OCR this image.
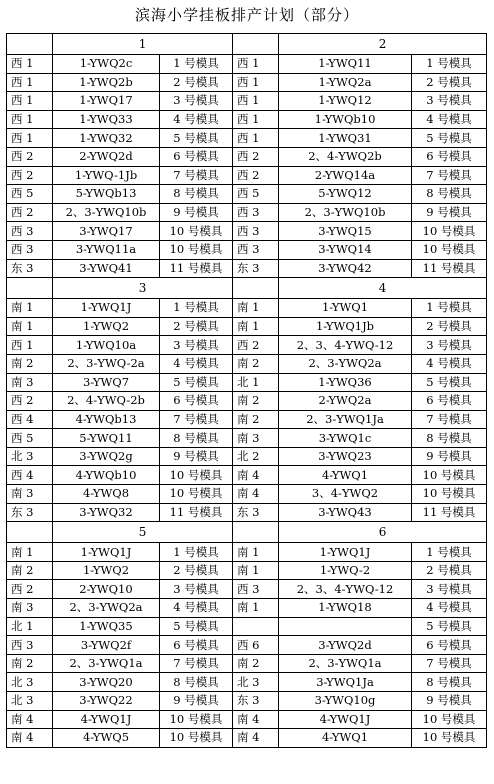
滨海小学挂板排产计划（部分）
	1			2	
西 1	1-YWQ2c	1 号模具	西 1	1-YWQ11	1 号模具
西 1	1-YWQ2b	2 号模具	西 1	1-YWQ2a	2 号模具
西 1	1-YWQ17	3 号模具	西 1	1-YWQ12	3 号模具
西 1	1-YWQ33	4 号模具	西 1	1-YWQb10	4 号模具
西 1	1-YWQ32	5 号模具	西 1	1-YWQ31	5 号模具
西 2	2-YWQ2d	6 号模具	西 2	2、4-YWQ2b	6 号模具
西 2	1-YWQ-1Jb	7 号模具	西 2	2-YWQ14a	7 号模具
西 5	5-YWQb13	8 号模具	西 5	5-YWQ12	8 号模具
西 2	2、3-YWQ10b	9 号模具	西 3	2、3-YWQ10b	9 号模具
西 3	3-YWQ17	10 号模具	西 3	3-YWQ15	10 号模具
西 3	3-YWQ11a	10 号模具	西 3	3-YWQ14	10 号模具
东 3	3-YWQ41	11 号模具	东 3	3-YWQ42	11 号模具
	3			4	
南 1	1-YWQ1J	1 号模具	南 1	1-YWQ1	1 号模具
南 1	1-YWQ2	2 号模具	南 1	1-YWQ1Jb	2 号模具
西 1	1-YWQ10a	3 号模具	西 2	2、3、4-YWQ-12	3 号模具
南 2	2、3-YWQ-2a	4 号模具	南 2	2、3-YWQ2a	4 号模具
南 3	3-YWQ7	5 号模具	北 1	1-YWQ36	5 号模具
西 2	2、4-YWQ-2b	6 号模具	南 2	2-YWQ2a	6 号模具
西 4	4-YWQb13	7 号模具	南 2	2、3-YWQ1Ja	7 号模具
西 5	5-YWQ11	8 号模具	南 3	3-YWQ1c	8 号模具
北 3	3-YWQ2g	9 号模具	北 2	3-YWQ23	9 号模具
西 4	4-YWQb10	10 号模具	南 4	4-YWQ1	10 号模具
南 3	4-YWQ8	10 号模具	南 4	3、4-YWQ2	10 号模具
东 3	3-YWQ32	11 号模具	东 3	3-YWQ43	11 号模具
	5			6	
南 1	1-YWQ1J	1 号模具	南 1	1-YWQ1J	1 号模具
南 2	1-YWQ2	2 号模具	南 1	1-YWQ-2	2 号模具
西 2	2-YWQ10	3 号模具	西 3	2、3、4-YWQ-12	3 号模具
南 3	2、3-YWQ2a	4 号模具	南 1	1-YWQ18	4 号模具
北 1	1-YWQ35	5 号模具			5 号模具
西 3	3-YWQ2f	6 号模具	西 6	3-YWQ2d	6 号模具
南 2	2、3-YWQ1a	7 号模具	南 2	2、3-YWQ1a	7 号模具
北 3	3-YWQ20	8 号模具	北 3	3-YWQ1Ja	8 号模具
北 3	3-YWQ22	9 号模具	东 3	3-YWQ10g	9 号模具
南 4	4-YWQ1J	10 号模具	南 4	4-YWQ1J	10 号模具
南 4	4-YWQ5	10 号模具	南 4	4-YWQ1	10 号模具
